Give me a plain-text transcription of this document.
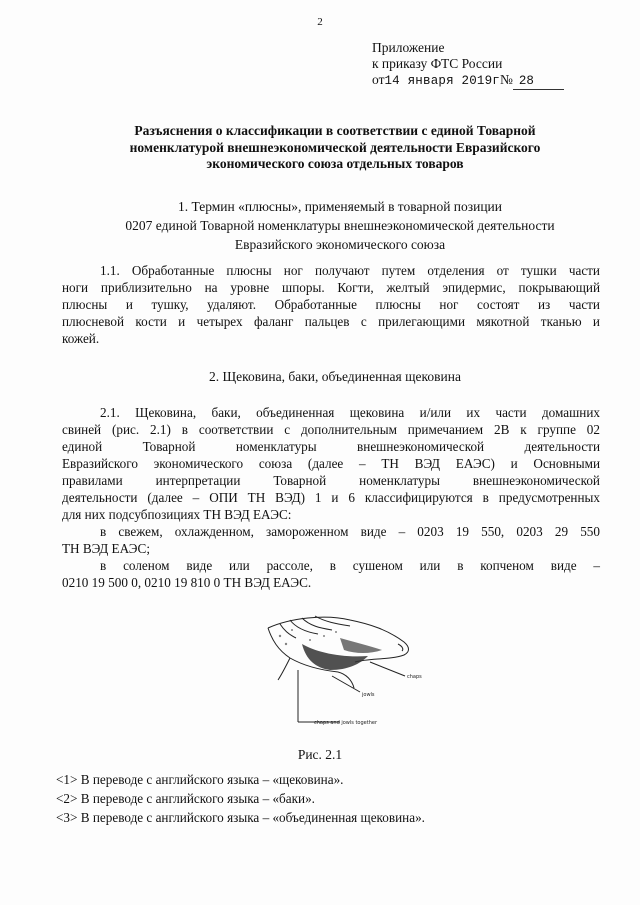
2
Приложение
к приказу ФТС России
от14 января 2019г№ 28
Разъяснения о классификации в соответствии с единой Товарной
номенклатурой внешнеэкономической деятельности Евразийского
экономического союза отдельных товаров
1. Термин «плюсны», применяемый в товарной позиции
0207 единой Товарной номенклатуры внешнеэкономической деятельности
Евразийского экономического союза
1.1. Обработанные плюсны ног получают путем отделения от тушки части
ноги приблизительно на уровне шпоры. Когти, желтый эпидермис, покрывающий
плюсны и тушку, удаляют. Обработанные плюсны ног состоят из части
плюсневой кости и четырех фаланг пальцев с прилегающими мякотной тканью и
кожей.
2. Щековина, баки, объединенная щековина
2.1. Щековина, баки, объединенная щековина и/или их части домашних
свиней (рис. 2.1) в соответствии с дополнительным примечанием 2В к группе 02
единой Товарной номенклатуры внешнеэкономической деятельности
Евразийского экономического союза (далее – ТН ВЭД ЕАЭС) и Основными
правилами интерпретации Товарной номенклатуры внешнеэкономической
деятельности (далее – ОПИ ТН ВЭД) 1 и 6 классифицируются в предусмотренных
для них подсубпозициях ТН ВЭД ЕАЭС:
в свежем, охлажденном, замороженном виде – 0203 19 550, 0203 29 550
ТН ВЭД ЕАЭС;
в соленом виде или рассоле, в сушеном или в копченом виде –
0210 19 500 0, 0210 19 810 0 ТН ВЭД ЕАЭС.
chaps
jowls
chaps and jowls together
Рис. 2.1
<1> В переводе с английского языка – «щековина».
<2> В переводе с английского языка – «баки».
<3> В переводе с английского языка – «объединенная щековина».
